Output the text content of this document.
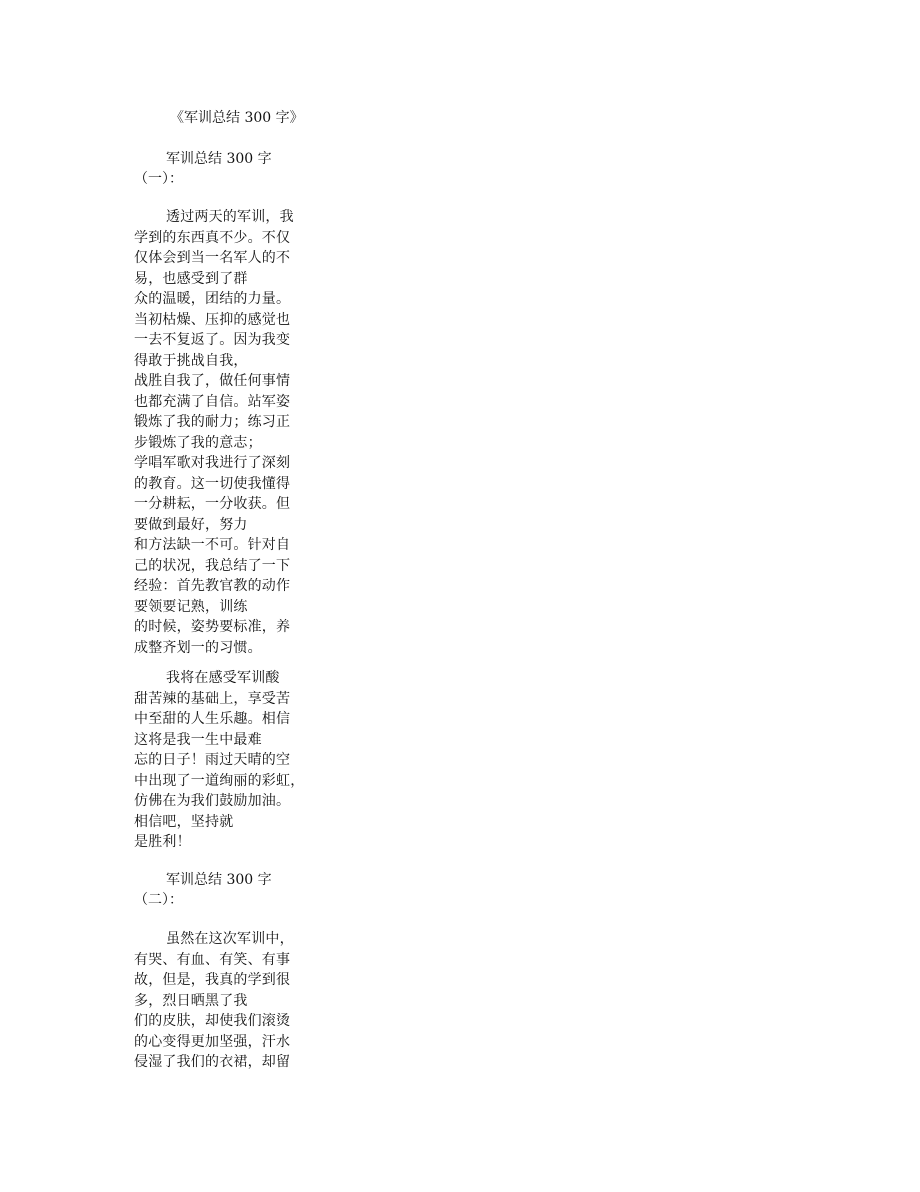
《军训总结 300 字》
军训总结 300 字
（一）：
透过两天的军训，我
学到的东西真不少。不仅
仅体会到当一名军人的不
易，也感受到了群
众的温暖，团结的力量。
当初枯燥、压抑的感觉也
一去不复返了。因为我变
得敢于挑战自我，
战胜自我了，做任何事情
也都充满了自信。站军姿
锻炼了我的耐力；练习正
步锻炼了我的意志；
学唱军歌对我进行了深刻
的教育。这一切使我懂得
一分耕耘，一分收获。但
要做到最好，努力
和方法缺一不可。针对自
己的状况，我总结了一下
经验：首先教官教的动作
要领要记熟，训练
的时候，姿势要标准，养
成整齐划一的习惯。
我将在感受军训酸
甜苦辣的基础上，享受苦
中至甜的人生乐趣。相信
这将是我一生中最难
忘的日子！雨过天晴的空
中出现了一道绚丽的彩虹，
仿佛在为我们鼓励加油。
相信吧，坚持就
是胜利！
军训总结 300 字
（二）：
虽然在这次军训中，
有哭、有血、有笑、有事
故，但是，我真的学到很
多，烈日晒黑了我
们的皮肤，却使我们滚烫
的心变得更加坚强，汗水
侵湿了我们的衣裙，却留
